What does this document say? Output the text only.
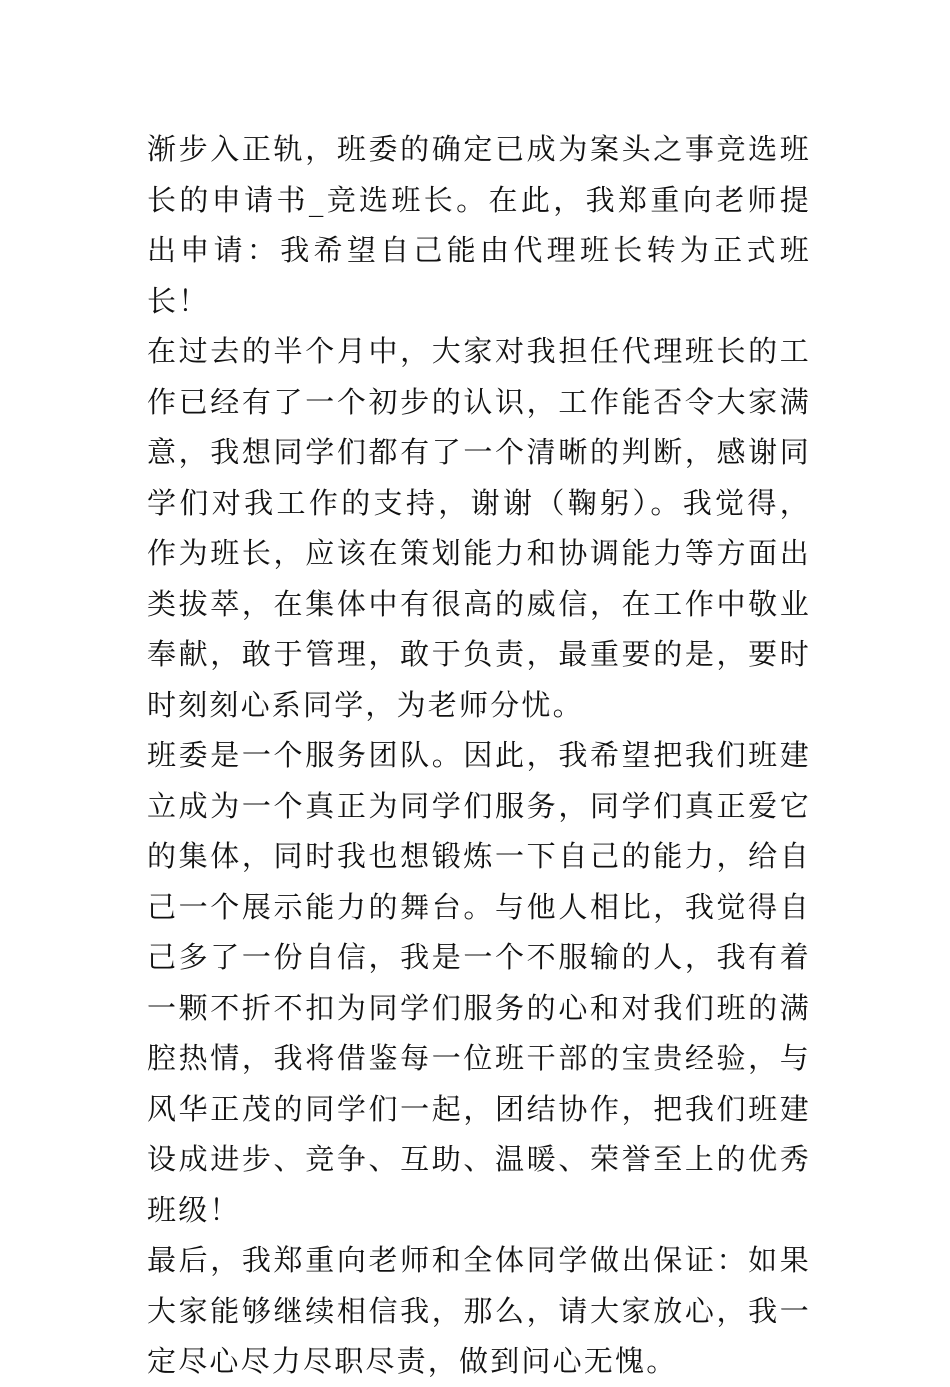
渐步入正轨，班委的确定已成为案头之事竞选班长的申请书_竞选班长。在此，我郑重向老师提出申请：我希望自己能由代理班长转为正式班长！

在过去的半个月中，大家对我担任代理班长的工作已经有了一个初步的认识，工作能否令大家满意，我想同学们都有了一个清晰的判断，感谢同学们对我工作的支持，谢谢（鞠躬）。我觉得，作为班长，应该在策划能力和协调能力等方面出类拔萃，在集体中有很高的威信，在工作中敬业奉献，敢于管理，敢于负责，最重要的是，要时时刻刻心系同学，为老师分忧。

班委是一个服务团队。因此，我希望把我们班建立成为一个真正为同学们服务，同学们真正爱它的集体，同时我也想锻炼一下自己的能力，给自己一个展示能力的舞台。与他人相比，我觉得自己多了一份自信，我是一个不服输的人，我有着一颗不折不扣为同学们服务的心和对我们班的满腔热情，我将借鉴每一位班干部的宝贵经验，与风华正茂的同学们一起，团结协作，把我们班建设成进步、竞争、互助、温暖、荣誉至上的优秀班级！

最后，我郑重向老师和全体同学做出保证：如果大家能够继续相信我，那么，请大家放心，我一定尽心尽力尽职尽责，做到问心无愧。
